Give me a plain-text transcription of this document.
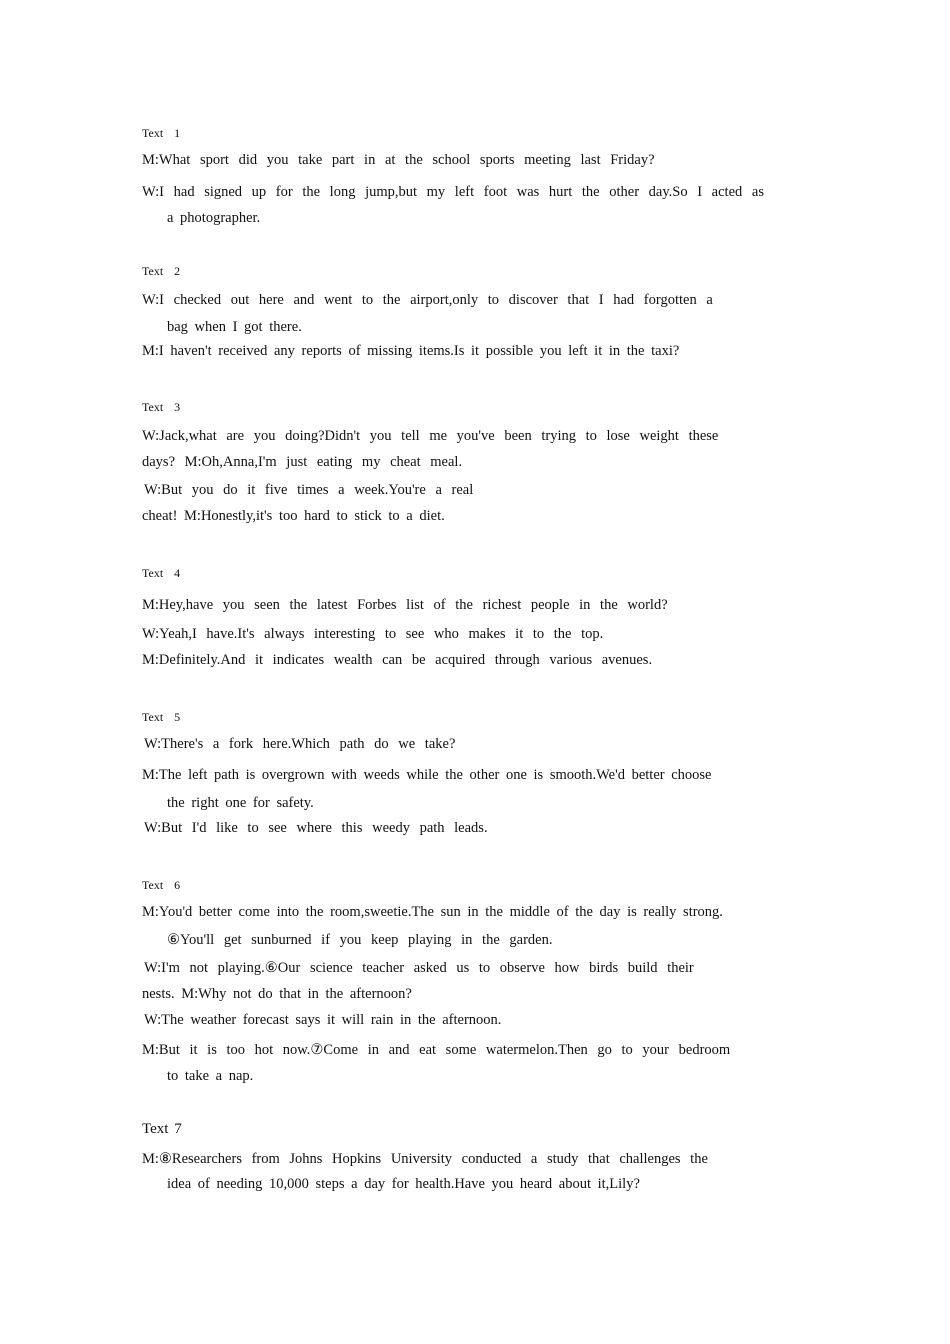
Text 1
M:What sport did you take part in at the school sports meeting last Friday?
W:I had signed up for the long jump,but my left foot was hurt the other day.So I acted as
a photographer.
Text 2
W:I checked out here and went to the airport,only to discover that I had forgotten a
bag when I got there.
M:I haven't received any reports of missing items.Is it possible you left it in the taxi?
Text 3
W:Jack,what are you doing?Didn't you tell me you've been trying to lose weight these
days? M:Oh,Anna,I'm just eating my cheat meal.
W:But you do it five times a week.You're a real
cheat! M:Honestly,it's too hard to stick to a diet.
Text 4
M:Hey,have you seen the latest Forbes list of the richest people in the world?
W:Yeah,I have.It's always interesting to see who makes it to the top.
M:Definitely.And it indicates wealth can be acquired through various avenues.
Text 5
W:There's a fork here.Which path do we take?
M:The left path is overgrown with weeds while the other one is smooth.We'd better choose
the right one for safety.
W:But I'd like to see where this weedy path leads.
Text 6
M:You'd better come into the room,sweetie.The sun in the middle of the day is really strong.
⑥You'll get sunburned if you keep playing in the garden.
W:I'm not playing.⑥Our science teacher asked us to observe how birds build their
nests. M:Why not do that in the afternoon?
W:The weather forecast says it will rain in the afternoon.
M:But it is too hot now.⑦Come in and eat some watermelon.Then go to your bedroom
to take a nap.
Text 7
M:⑧Researchers from Johns Hopkins University conducted a study that challenges the
idea of needing 10,000 steps a day for health.Have you heard about it,Lily?
